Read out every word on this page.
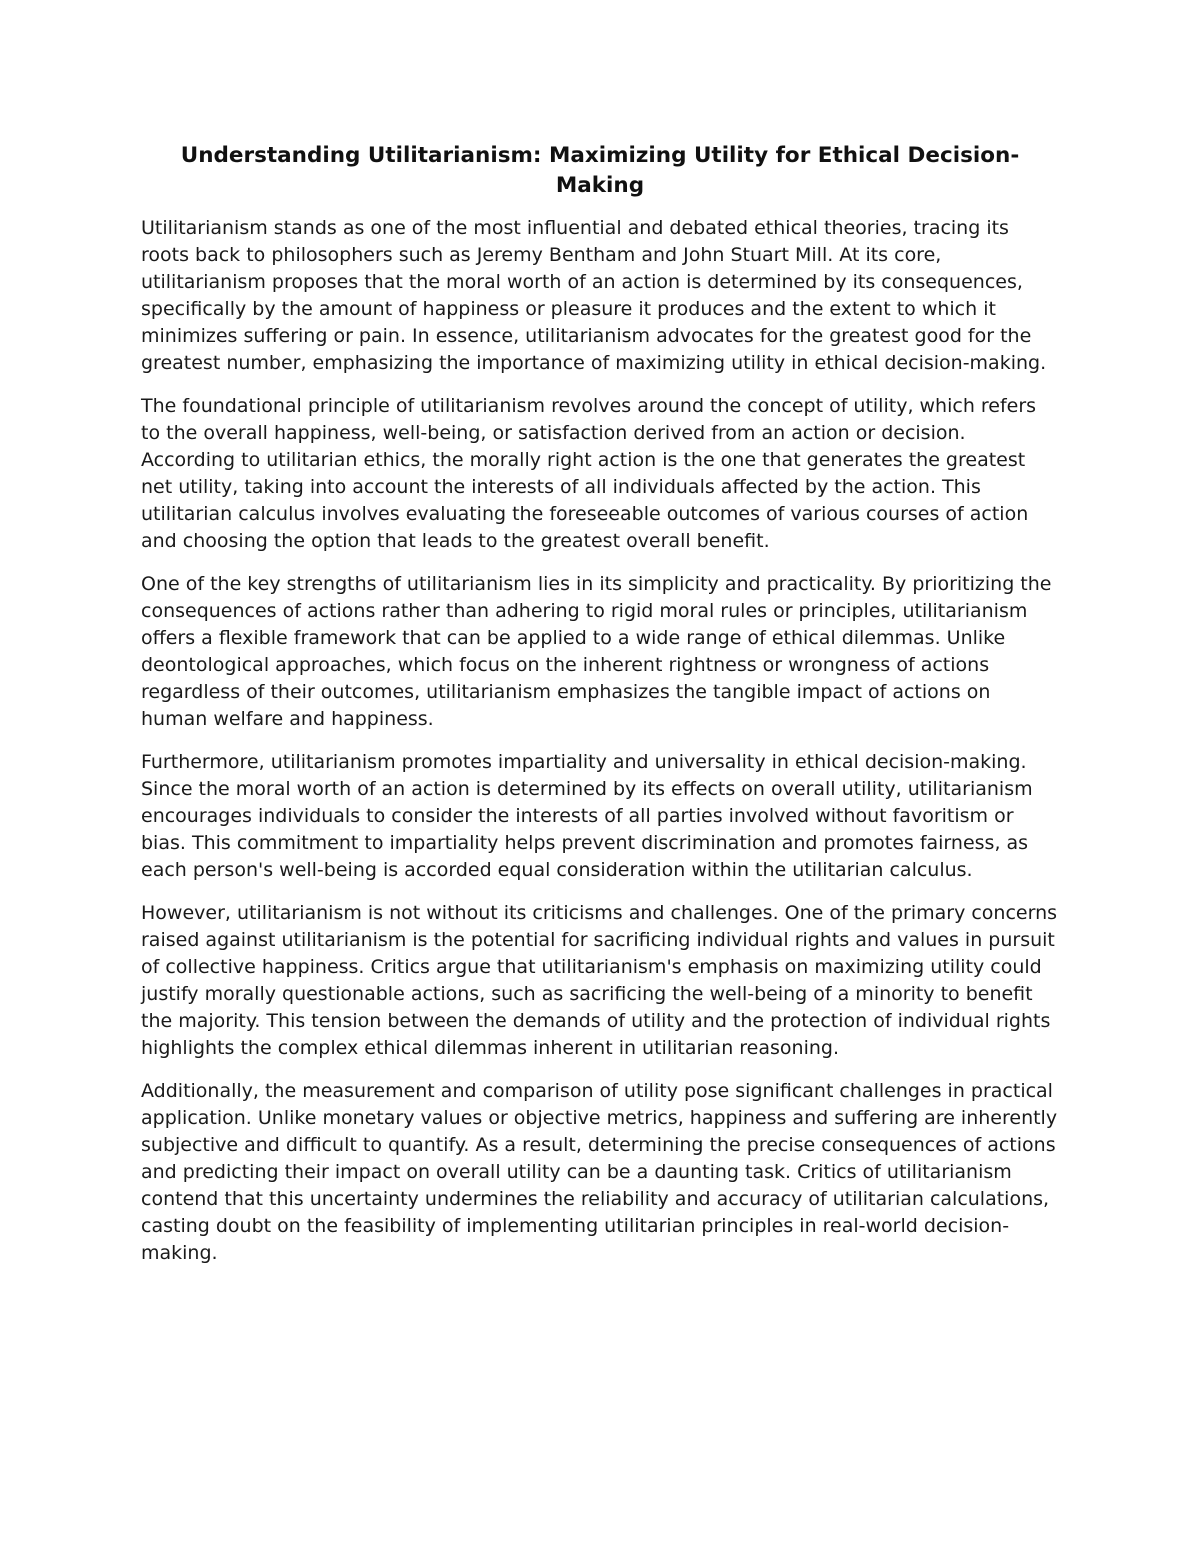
Understanding Utilitarianism: Maximizing Utility for Ethical Decision-Making

Utilitarianism stands as one of the most influential and debated ethical theories, tracing its roots back to philosophers such as Jeremy Bentham and John Stuart Mill. At its core, utilitarianism proposes that the moral worth of an action is determined by its consequences, specifically by the amount of happiness or pleasure it produces and the extent to which it minimizes suffering or pain. In essence, utilitarianism advocates for the greatest good for the greatest number, emphasizing the importance of maximizing utility in ethical decision-making.

The foundational principle of utilitarianism revolves around the concept of utility, which refers to the overall happiness, well-being, or satisfaction derived from an action or decision. According to utilitarian ethics, the morally right action is the one that generates the greatest net utility, taking into account the interests of all individuals affected by the action. This utilitarian calculus involves evaluating the foreseeable outcomes of various courses of action and choosing the option that leads to the greatest overall benefit.

One of the key strengths of utilitarianism lies in its simplicity and practicality. By prioritizing the consequences of actions rather than adhering to rigid moral rules or principles, utilitarianism offers a flexible framework that can be applied to a wide range of ethical dilemmas. Unlike deontological approaches, which focus on the inherent rightness or wrongness of actions regardless of their outcomes, utilitarianism emphasizes the tangible impact of actions on human welfare and happiness.

Furthermore, utilitarianism promotes impartiality and universality in ethical decision-making. Since the moral worth of an action is determined by its effects on overall utility, utilitarianism encourages individuals to consider the interests of all parties involved without favoritism or bias. This commitment to impartiality helps prevent discrimination and promotes fairness, as each person's well-being is accorded equal consideration within the utilitarian calculus.

However, utilitarianism is not without its criticisms and challenges. One of the primary concerns raised against utilitarianism is the potential for sacrificing individual rights and values in pursuit of collective happiness. Critics argue that utilitarianism's emphasis on maximizing utility could justify morally questionable actions, such as sacrificing the well-being of a minority to benefit the majority. This tension between the demands of utility and the protection of individual rights highlights the complex ethical dilemmas inherent in utilitarian reasoning.

Additionally, the measurement and comparison of utility pose significant challenges in practical application. Unlike monetary values or objective metrics, happiness and suffering are inherently subjective and difficult to quantify. As a result, determining the precise consequences of actions and predicting their impact on overall utility can be a daunting task. Critics of utilitarianism contend that this uncertainty undermines the reliability and accuracy of utilitarian calculations, casting doubt on the feasibility of implementing utilitarian principles in real-world decision-making.
